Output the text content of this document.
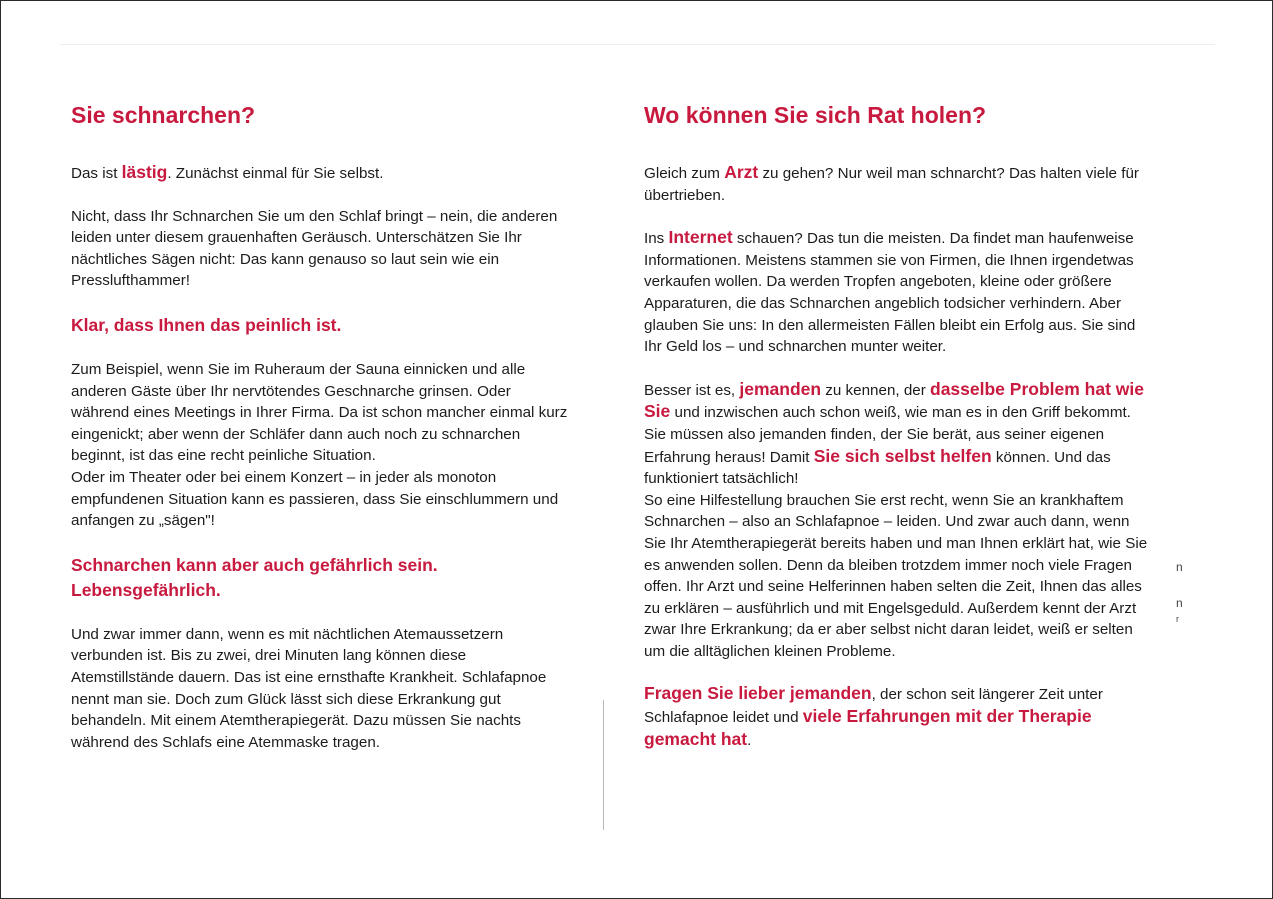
Sie schnarchen?

Das ist lästig. Zunächst einmal für Sie selbst.

Nicht, dass Ihr Schnarchen Sie um den Schlaf bringt – nein, die anderen leiden unter diesem grauenhaften Geräusch. Unterschätzen Sie Ihr nächtliches Sägen nicht: Das kann genauso so laut sein wie ein Presslufthammer!

Klar, dass Ihnen das peinlich ist.

Zum Beispiel, wenn Sie im Ruheraum der Sauna einnicken und alle anderen Gäste über Ihr nervtötendes Geschnarche grinsen. Oder während eines Meetings in Ihrer Firma. Da ist schon mancher einmal kurz eingenickt; aber wenn der Schläfer dann auch noch zu schnarchen beginnt, ist das eine recht peinliche Situation.

Oder im Theater oder bei einem Konzert – in jeder als monoton empfundenen Situation kann es passieren, dass Sie einschlummern und anfangen zu „sägen"!

Schnarchen kann aber auch gefährlich sein.
Lebensgefährlich.

Und zwar immer dann, wenn es mit nächtlichen Atemaussetzern verbunden ist. Bis zu zwei, drei Minuten lang können diese Atemstillstände dauern. Das ist eine ernsthafte Krankheit. Schlafapnoe nennt man sie. Doch zum Glück lässt sich diese Erkrankung gut behandeln. Mit einem Atemtherapiegerät. Dazu müssen Sie nachts während des Schlafs eine Atemmaske tragen.

Wo können Sie sich Rat holen?

Gleich zum Arzt zu gehen? Nur weil man schnarcht? Das halten viele für übertrieben.

Ins Internet schauen? Das tun die meisten. Da findet man haufenweise Informationen. Meistens stammen sie von Firmen, die Ihnen irgendetwas verkaufen wollen. Da werden Tropfen angeboten, kleine oder größere Apparaturen, die das Schnarchen angeblich todsicher verhindern. Aber glauben Sie uns: In den allermeisten Fällen bleibt ein Erfolg aus. Sie sind Ihr Geld los – und schnarchen munter weiter.

Besser ist es, jemanden zu kennen, der dasselbe Problem hat wie Sie und inzwischen auch schon weiß, wie man es in den Griff bekommt. Sie müssen also jemanden finden, der Sie berät, aus seiner eigenen Erfahrung heraus! Damit Sie sich selbst helfen können. Und das funktioniert tatsächlich!

So eine Hilfestellung brauchen Sie erst recht, wenn Sie an krankhaftem Schnarchen – also an Schlafapnoe – leiden. Und zwar auch dann, wenn Sie Ihr Atemtherapiegerät bereits haben und man Ihnen erklärt hat, wie Sie es anwenden sollen. Denn da bleiben trotzdem immer noch viele Fragen offen. Ihr Arzt und seine Helferinnen haben selten die Zeit, Ihnen das alles zu erklären – ausführlich und mit Engelsgeduld. Außerdem kennt der Arzt zwar Ihre Erkrankung; da er aber selbst nicht daran leidet, weiß er selten um die alltäglichen kleinen Probleme.

Fragen Sie lieber jemanden, der schon seit längerer Zeit unter Schlafapnoe leidet und viele Erfahrungen mit der Therapie gemacht hat.

n
n
r
